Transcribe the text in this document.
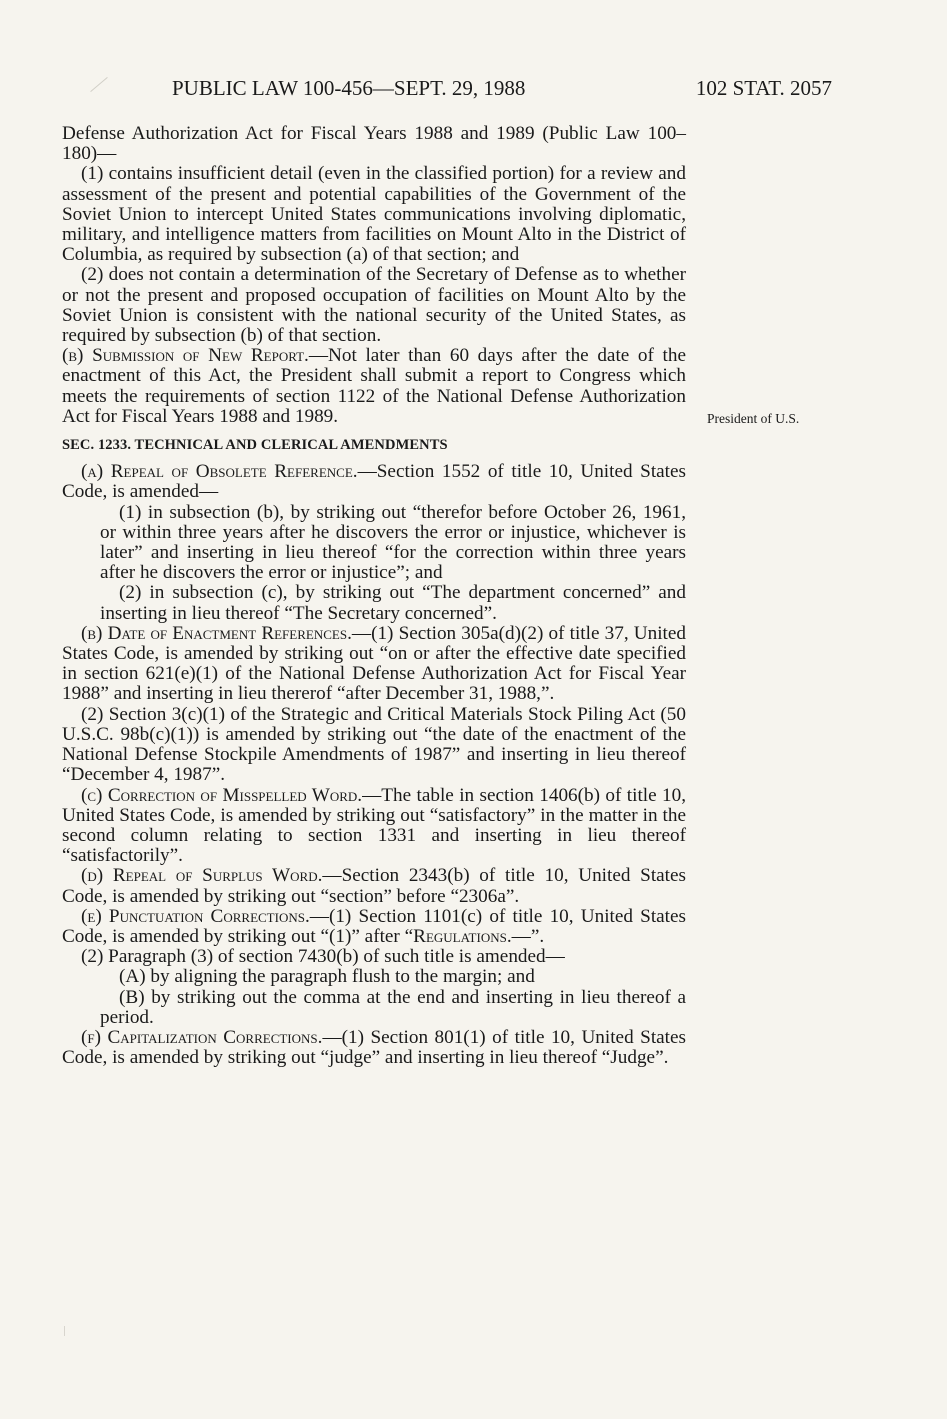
PUBLIC LAW 100-456—SEPT. 29, 1988	102 STAT. 2057
President of U.S.

Defense Authorization Act for Fiscal Years 1988 and 1989 (Public Law 100–180)—

(1) contains insufficient detail (even in the classified portion) for a review and assessment of the present and potential capabilities of the Government of the Soviet Union to intercept United States communications involving diplomatic, military, and intelligence matters from facilities on Mount Alto in the District of Columbia, as required by subsection (a) of that section; and

(2) does not contain a determination of the Secretary of Defense as to whether or not the present and proposed occupation of facilities on Mount Alto by the Soviet Union is consistent with the national security of the United States, as required by subsection (b) of that section.

(b) Submission of New Report.—Not later than 60 days after the date of the enactment of this Act, the President shall submit a report to Congress which meets the requirements of section 1122 of the National Defense Authorization Act for Fiscal Years 1988 and 1989.

SEC. 1233. TECHNICAL AND CLERICAL AMENDMENTS

(a) Repeal of Obsolete Reference.—Section 1552 of title 10, United States Code, is amended—

(1) in subsection (b), by striking out “therefor before October 26, 1961, or within three years after he discovers the error or injustice, whichever is later” and inserting in lieu thereof “for the correction within three years after he discovers the error or injustice”; and

(2) in subsection (c), by striking out “The department concerned” and inserting in lieu thereof “The Secretary concerned”.

(b) Date of Enactment References.—(1) Section 305a(d)(2) of title 37, United States Code, is amended by striking out “on or after the effective date specified in section 621(e)(1) of the National Defense Authorization Act for Fiscal Year 1988” and inserting in lieu thererof “after December 31, 1988,”.

(2) Section 3(c)(1) of the Strategic and Critical Materials Stock Piling Act (50 U.S.C. 98b(c)(1)) is amended by striking out “the date of the enactment of the National Defense Stockpile Amendments of 1987” and inserting in lieu thereof “December 4, 1987”.

(c) Correction of Misspelled Word.—The table in section 1406(b) of title 10, United States Code, is amended by striking out “satisfactory” in the matter in the second column relating to section 1331 and inserting in lieu thereof “satisfactorily”.

(d) Repeal of Surplus Word.—Section 2343(b) of title 10, United States Code, is amended by striking out “section” before “2306a”.

(e) Punctuation Corrections.—(1) Section 1101(c) of title 10, United States Code, is amended by striking out “(1)” after “Regulations.—”.

(2) Paragraph (3) of section 7430(b) of such title is amended—

(A) by aligning the paragraph flush to the margin; and

(B) by striking out the comma at the end and inserting in lieu thereof a period.

(f) Capitalization Corrections.—(1) Section 801(1) of title 10, United States Code, is amended by striking out “judge” and inserting in lieu thereof “Judge”.
